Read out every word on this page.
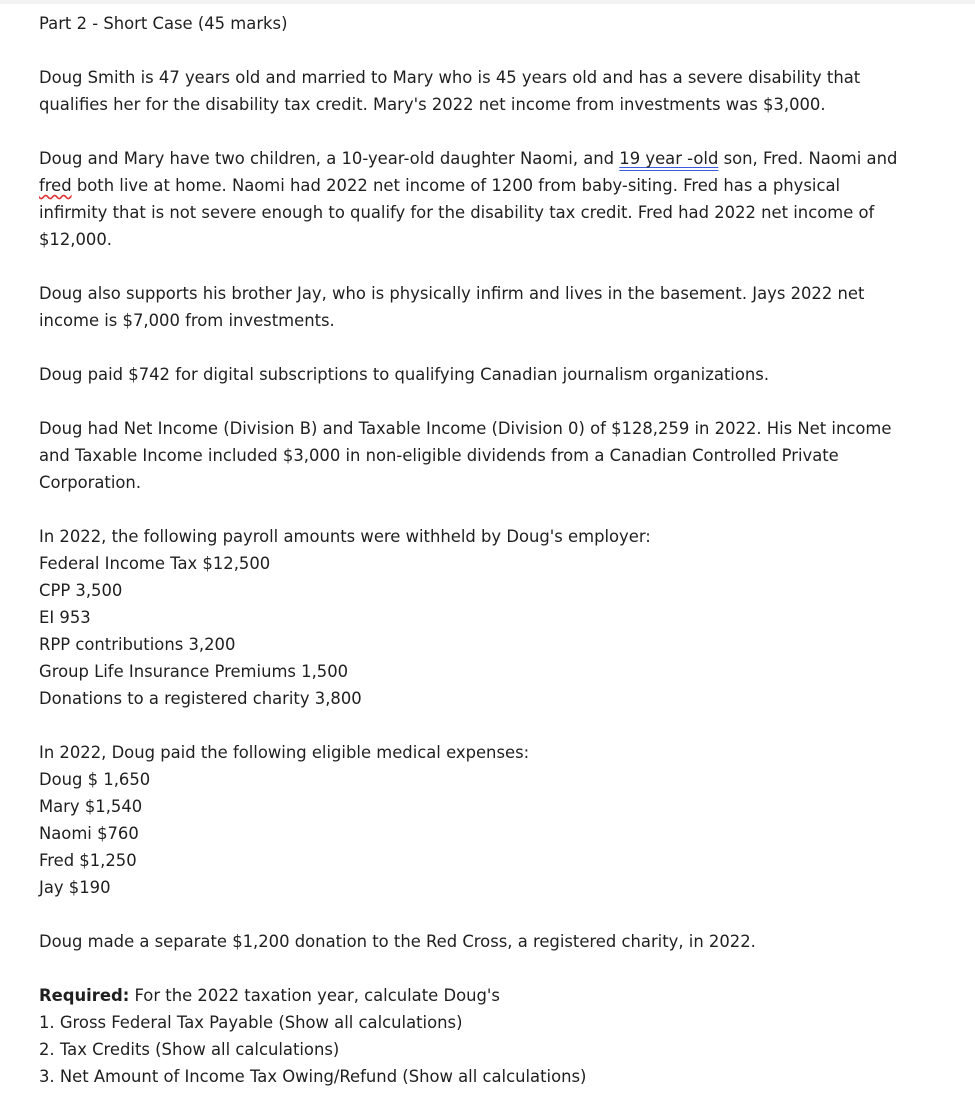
Part 2 - Short Case (45 marks)
Doug Smith is 47 years old and married to Mary who is 45 years old and has a severe disability that
qualifies her for the disability tax credit. Mary's 2022 net income from investments was $3,000.
Doug and Mary have two children, a 10-year-old daughter Naomi, and 19 year -old son, Fred. Naomi and
fred both live at home. Naomi had 2022 net income of 1200 from baby-siting. Fred has a physical
infirmity that is not severe enough to qualify for the disability tax credit. Fred had 2022 net income of
$12,000.
Doug also supports his brother Jay, who is physically infirm and lives in the basement. Jays 2022 net
income is $7,000 from investments.
Doug paid $742 for digital subscriptions to qualifying Canadian journalism organizations.
Doug had Net Income (Division B) and Taxable Income (Division 0) of $128,259 in 2022. His Net income
and Taxable Income included $3,000 in non-eligible dividends from a Canadian Controlled Private
Corporation.
In 2022, the following payroll amounts were withheld by Doug's employer:
Federal Income Tax $12,500
CPP 3,500
EI 953
RPP contributions 3,200
Group Life Insurance Premiums 1,500
Donations to a registered charity 3,800
In 2022, Doug paid the following eligible medical expenses:
Doug $ 1,650
Mary $1,540
Naomi $760
Fred $1,250
Jay $190
Doug made a separate $1,200 donation to the Red Cross, a registered charity, in 2022.
Required: For the 2022 taxation year, calculate Doug's
1. Gross Federal Tax Payable (Show all calculations)
2. Tax Credits (Show all calculations)
3. Net Amount of Income Tax Owing/Refund (Show all calculations)
